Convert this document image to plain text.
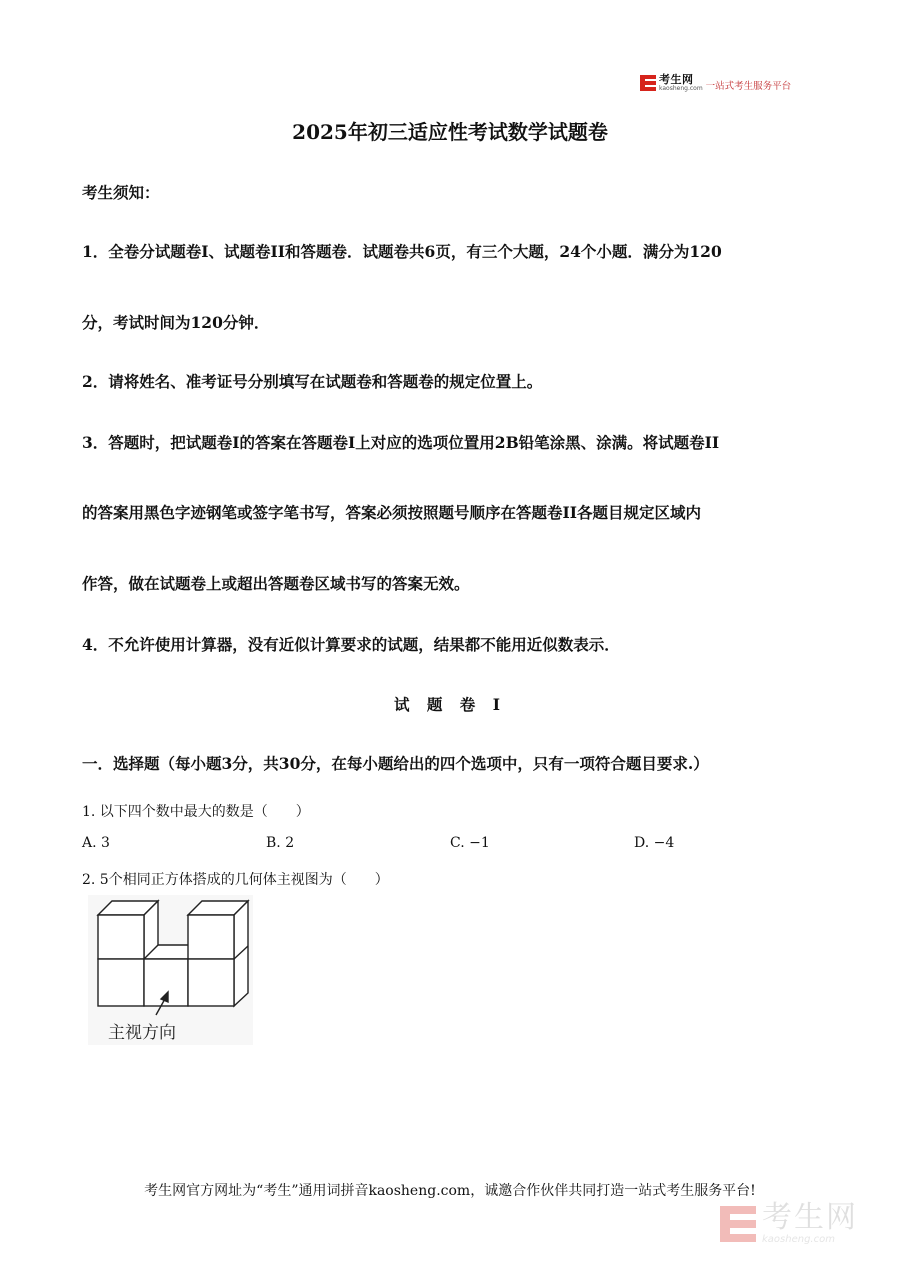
考生网
kaosheng.com 一站式考生服务平台
2025年初三适应性考试数学试题卷
考生须知：
1．全卷分试题卷I、试题卷II和答题卷．试题卷共6页，有三个大题，24个小题．满分为120
分，考试时间为120分钟．
2．请将姓名、准考证号分别填写在试题卷和答题卷的规定位置上。
3．答题时，把试题卷I的答案在答题卷I上对应的选项位置用2B铅笔涂黑、涂满。将试题卷II
的答案用黑色字迹钢笔或签字笔书写，答案必须按照题号顺序在答题卷II各题目规定区域内
作答，做在试题卷上或超出答题卷区域书写的答案无效。
4．不允许使用计算器，没有近似计算要求的试题，结果都不能用近似数表示．
试 题 卷 I
一．选择题（每小题3分，共30分，在每小题给出的四个选项中，只有一项符合题目要求.）
1. 以下四个数中最大的数是（　　）
A. 3	B. 2	C. −1	D. −4
2. 5个相同正方体搭成的几何体主视图为（　　）
主视方向
考生网官方网址为“考生”通用词拼音kaosheng.com，诚邀合作伙伴共同打造一站式考生服务平台!
考生网
kaosheng.com
